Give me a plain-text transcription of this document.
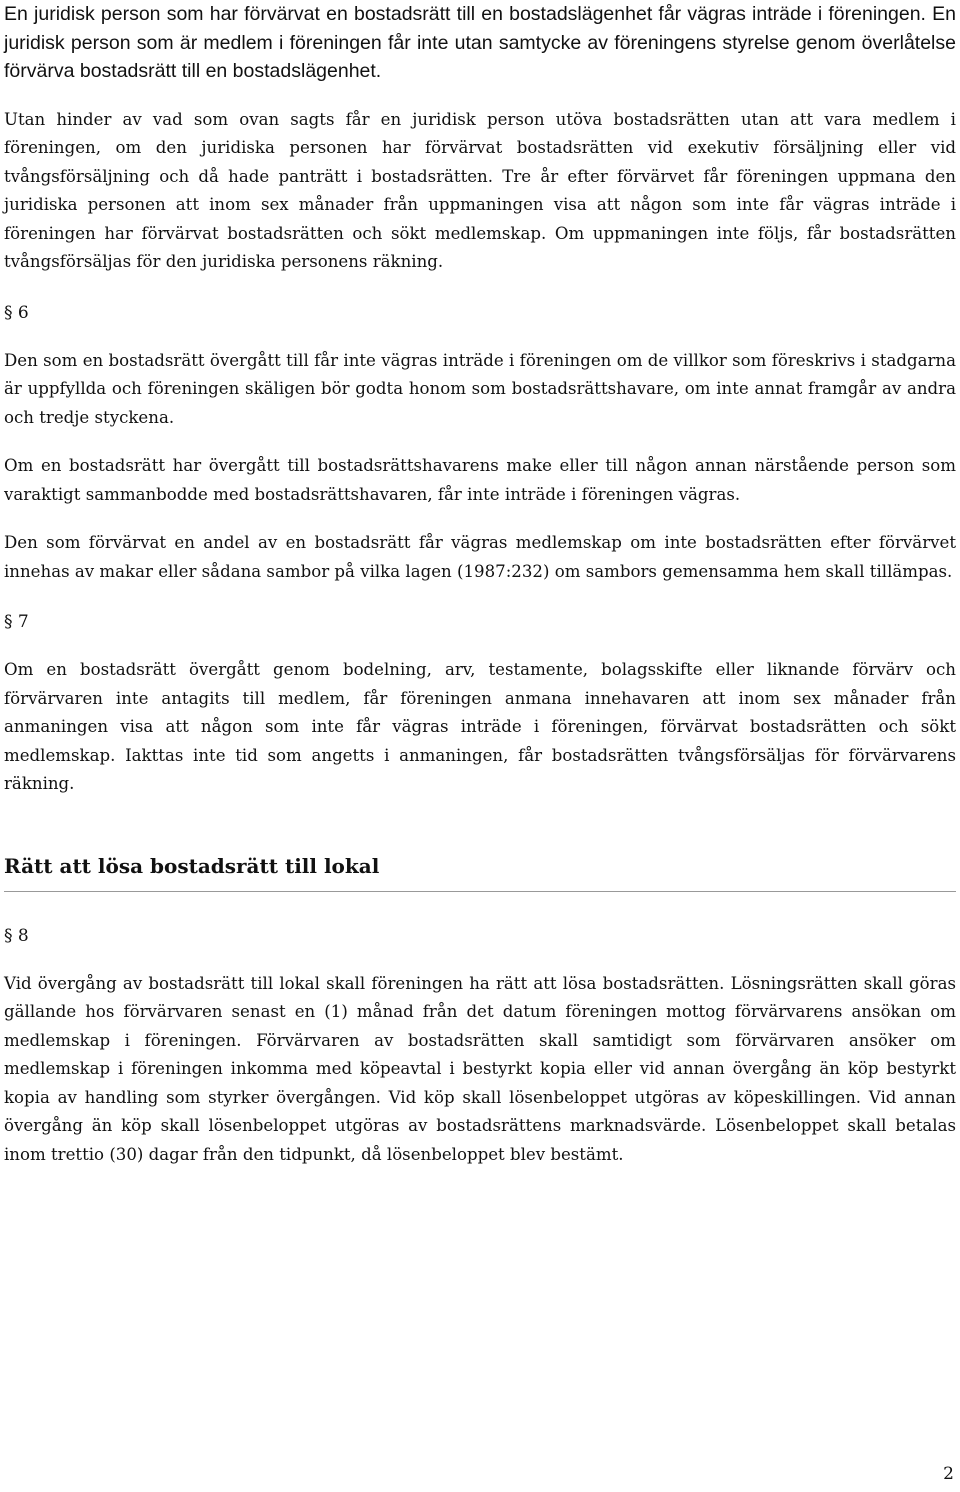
En juridisk person som har förvärvat en bostadsrätt till en bostadslägenhet får vägras inträde i föreningen. En juridisk person som är medlem i föreningen får inte utan samtycke av föreningens styrelse genom överlåtelse förvärva bostadsrätt till en bostadslägenhet.

Utan hinder av vad som ovan sagts får en juridisk person utöva bostadsrätten utan att vara medlem i föreningen, om den juridiska personen har förvärvat bostadsrätten vid exekutiv försäljning eller vid tvångsförsäljning och då hade panträtt i bostadsrätten. Tre år efter förvärvet får föreningen uppmana den juridiska personen att inom sex månader från uppmaningen visa att någon som inte får vägras inträde i föreningen har förvärvat bostadsrätten och sökt medlemskap. Om uppmaningen inte följs, får bostadsrätten tvångsförsäljas för den juridiska personens räkning.

§ 6

Den som en bostadsrätt övergått till får inte vägras inträde i föreningen om de villkor som föreskrivs i stadgarna är uppfyllda och föreningen skäligen bör godta honom som bostadsrättshavare, om inte annat framgår av andra och tredje styckena.

Om en bostadsrätt har övergått till bostadsrättshavarens make eller till någon annan närstående person som varaktigt sammanbodde med bostadsrättshavaren, får inte inträde i föreningen vägras.

Den som förvärvat en andel av en bostadsrätt får vägras medlemskap om inte bostadsrätten efter förvärvet innehas av makar eller sådana sambor på vilka lagen (1987:232) om sambors gemensamma hem skall tillämpas.

§ 7

Om en bostadsrätt övergått genom bodelning, arv, testamente, bolagsskifte eller liknande förvärv och förvärvaren inte antagits till medlem, får föreningen anmana innehavaren att inom sex månader från anmaningen visa att någon som inte får vägras inträde i föreningen, förvärvat bostadsrätten och sökt medlemskap. Iakttas inte tid som angetts i anmaningen, får bostadsrätten tvångsförsäljas för förvärvarens räkning.

Rätt att lösa bostadsrätt till lokal
§ 8

Vid övergång av bostadsrätt till lokal skall föreningen ha rätt att lösa bostadsrätten. Lösningsrätten skall göras gällande hos förvärvaren senast en (1) månad från det datum föreningen mottog förvärvarens ansökan om medlemskap i föreningen. Förvärvaren av bostadsrätten skall samtidigt som förvärvaren ansöker om medlemskap i föreningen inkomma med köpeavtal i bestyrkt kopia eller vid annan övergång än köp bestyrkt kopia av handling som styrker övergången. Vid köp skall lösenbeloppet utgöras av köpeskillingen. Vid annan övergång än köp skall lösenbeloppet utgöras av bostadsrättens marknadsvärde. Lösenbeloppet skall betalas inom trettio (30) dagar från den tidpunkt, då lösenbeloppet blev bestämt.

2
